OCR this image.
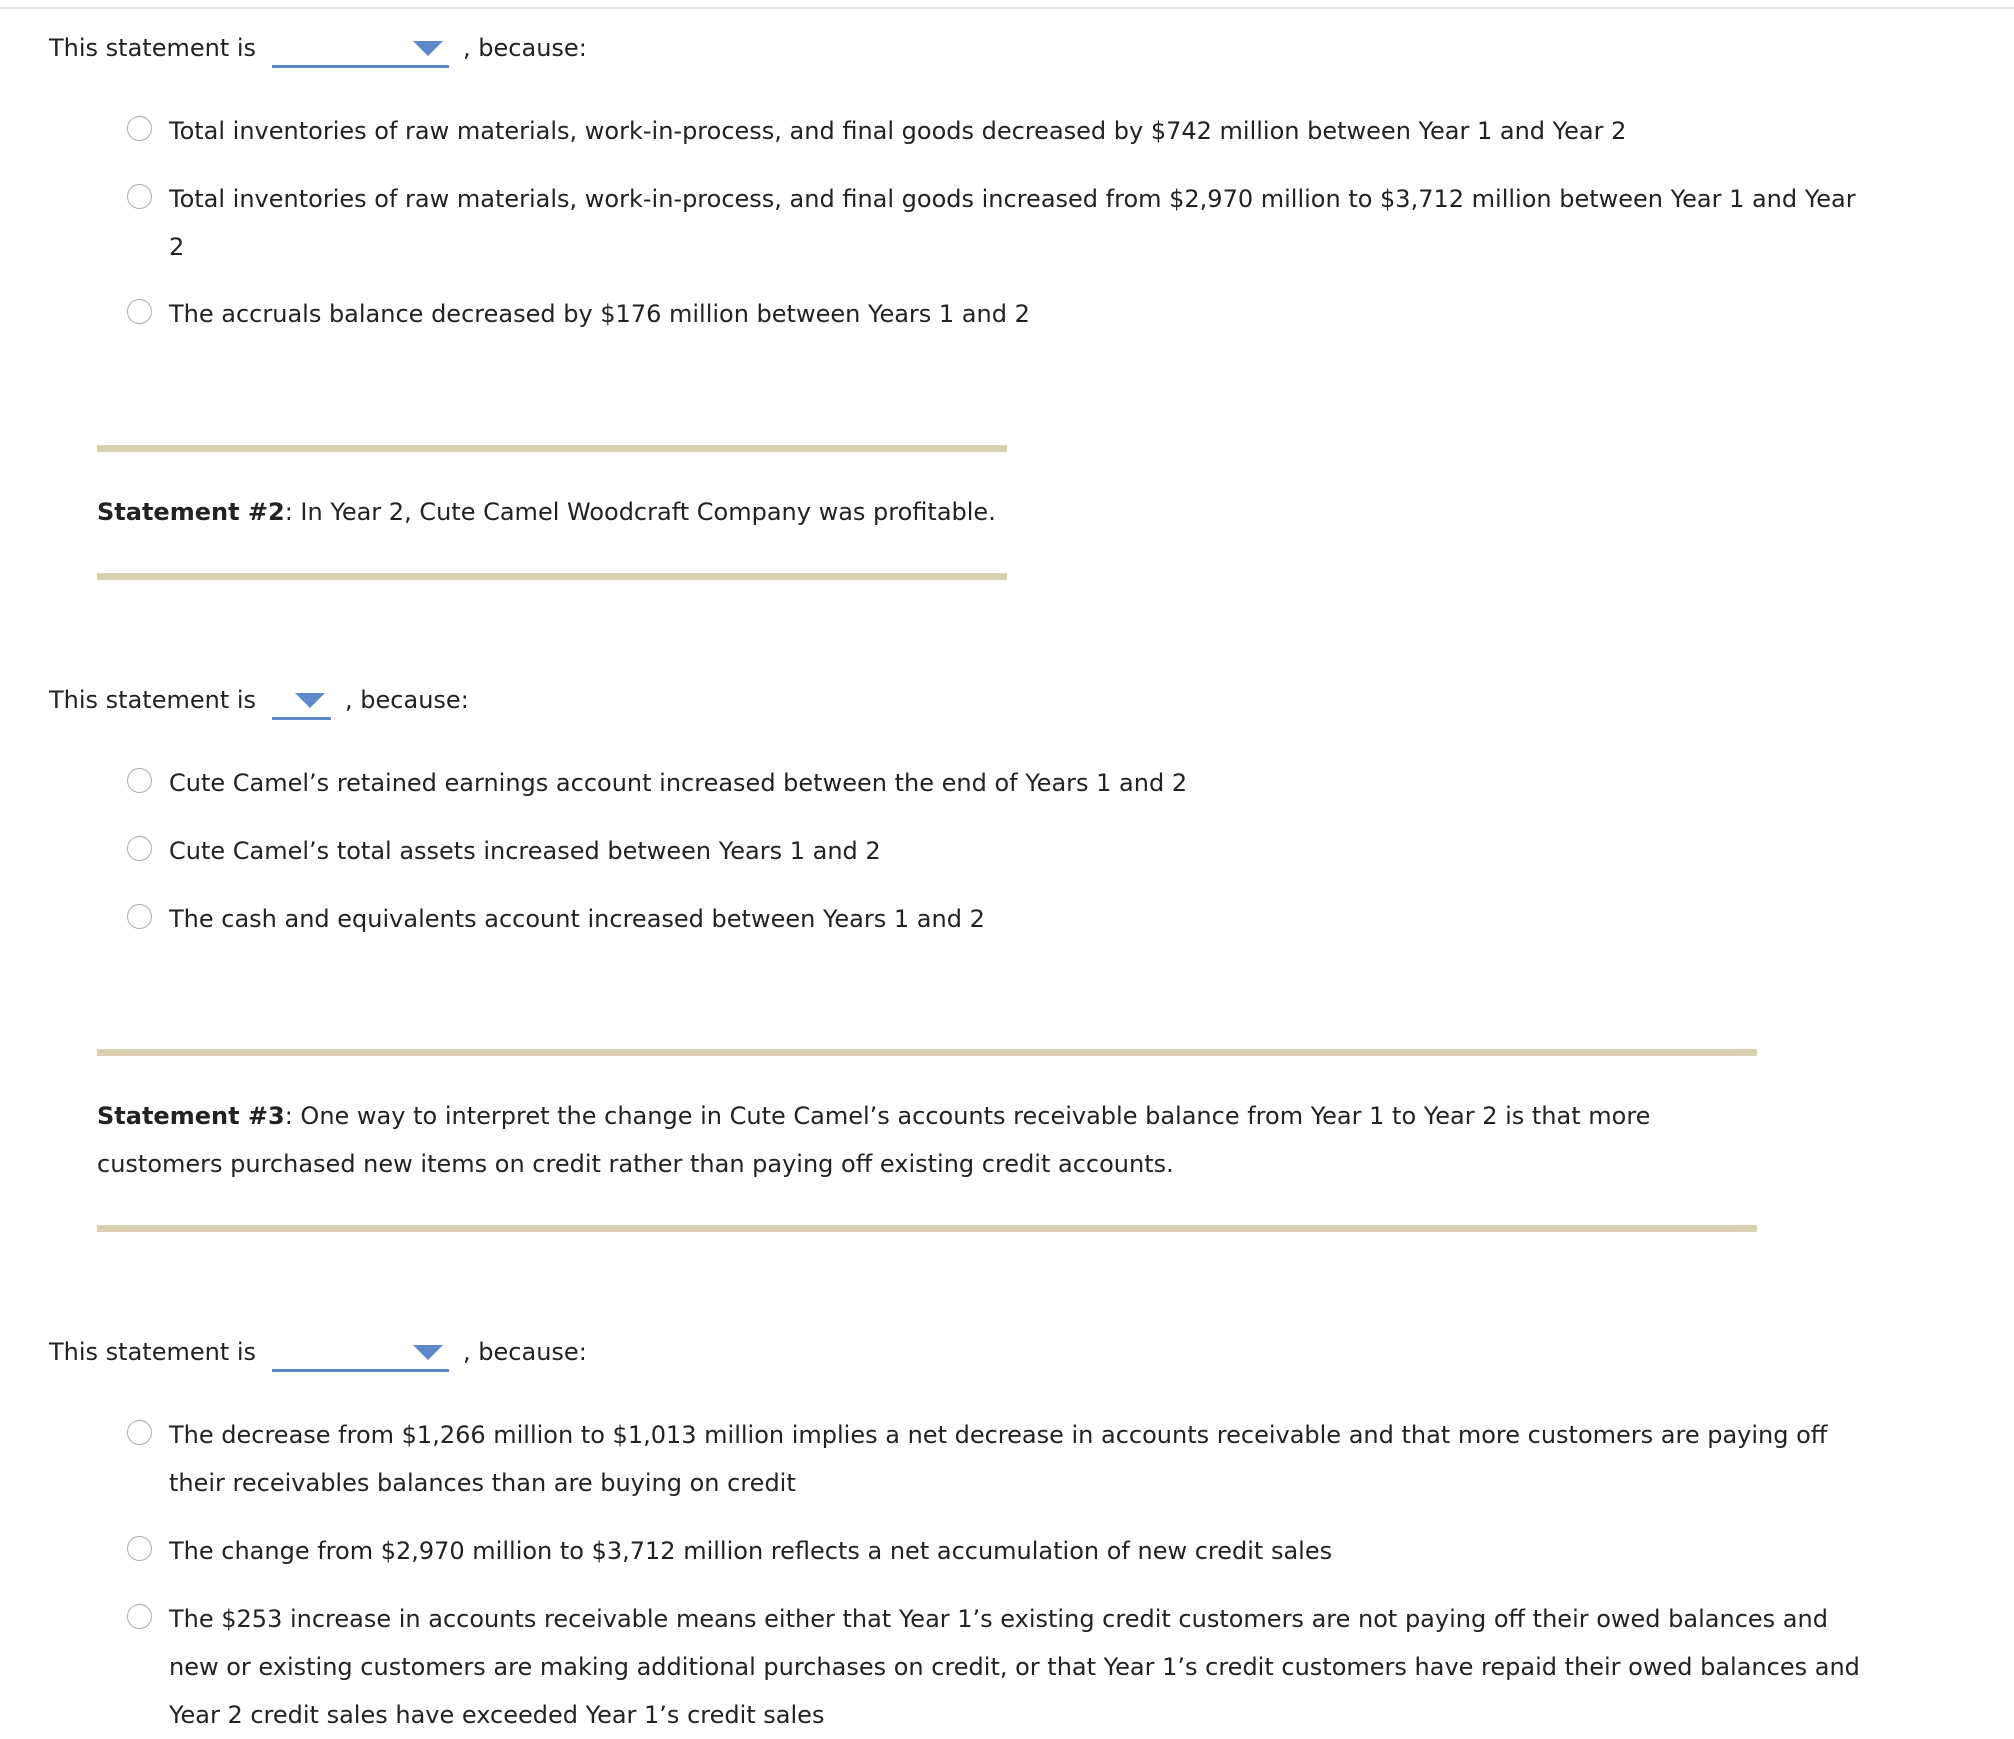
This statement is	, because:
Total inventories of raw materials, work-in-process, and final goods decreased by $742 million between Year 1 and Year 2
Total inventories of raw materials, work-in-process, and final goods increased from $2,970 million to $3,712 million between Year 1 and Year 2
The accruals balance decreased by $176 million between Years 1 and 2
Statement #2: In Year 2, Cute Camel Woodcraft Company was profitable.
This statement is	, because:
Cute Camel’s retained earnings account increased between the end of Years 1 and 2
Cute Camel’s total assets increased between Years 1 and 2
The cash and equivalents account increased between Years 1 and 2
Statement #3: One way to interpret the change in Cute Camel’s accounts receivable balance from Year 1 to Year 2 is that more customers purchased new items on credit rather than paying off existing credit accounts.
This statement is	, because:
The decrease from $1,266 million to $1,013 million implies a net decrease in accounts receivable and that more customers are paying off their receivables balances than are buying on credit
The change from $2,970 million to $3,712 million reflects a net accumulation of new credit sales
The $253 increase in accounts receivable means either that Year 1’s existing credit customers are not paying off their owed balances and new or existing customers are making additional purchases on credit, or that Year 1’s credit customers have repaid their owed balances and Year 2 credit sales have exceeded Year 1’s credit sales
